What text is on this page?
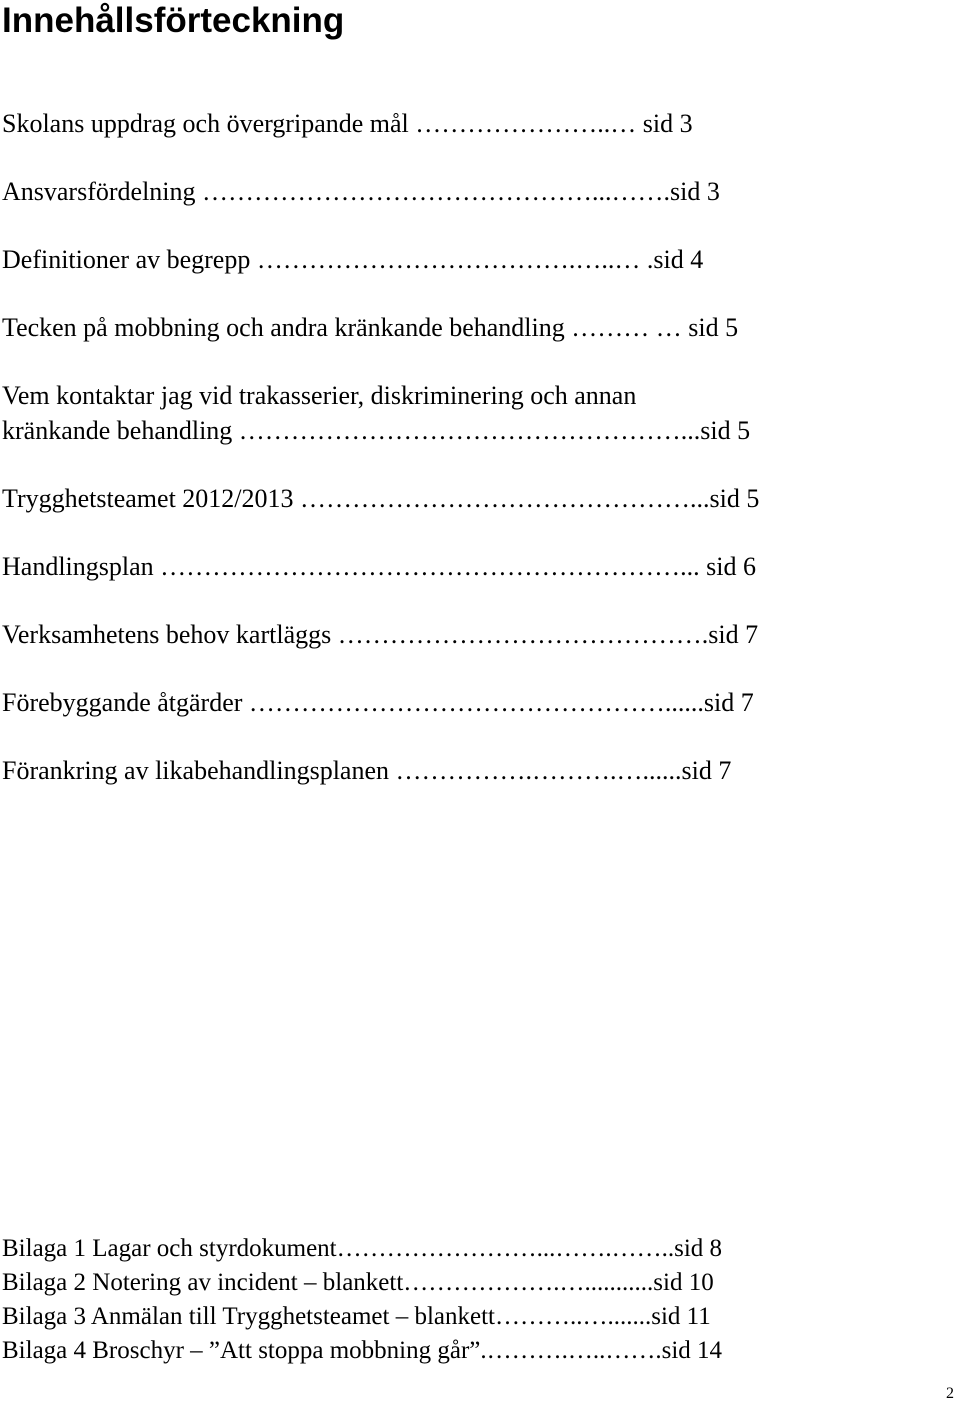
Innehållsförteckning
Skolans uppdrag och övergripande mål …………………..… sid 3
Ansvarsfördelning ………………………………………...…….sid 3
Definitioner av begrepp ……………………………….…..… .sid 4
Tecken på mobbning och andra kränkande behandling ……… … sid 5
Vem kontaktar jag vid trakasserier, diskriminering och annan
kränkande behandling ……………………………………………...sid 5
Trygghetsteamet 2012/2013 ………………………………………...sid 5
Handlingsplan ……………………………………………………... sid 6
Verksamhetens behov kartläggs …………………………………….sid 7
Förebyggande åtgärder …………………………………………......sid 7
Förankring av likabehandlingsplanen …………….……….…......sid 7
Bilaga 1 Lagar och styrdokument……………………...…….……..sid 8
Bilaga 2 Notering av incident – blankett……………….…...........sid 10
Bilaga 3 Anmälan till Trygghetsteamet – blankett………..….......sid 11
Bilaga 4 Broschyr – ”Att stoppa mobbning går”.……….…..…….sid 14
2
